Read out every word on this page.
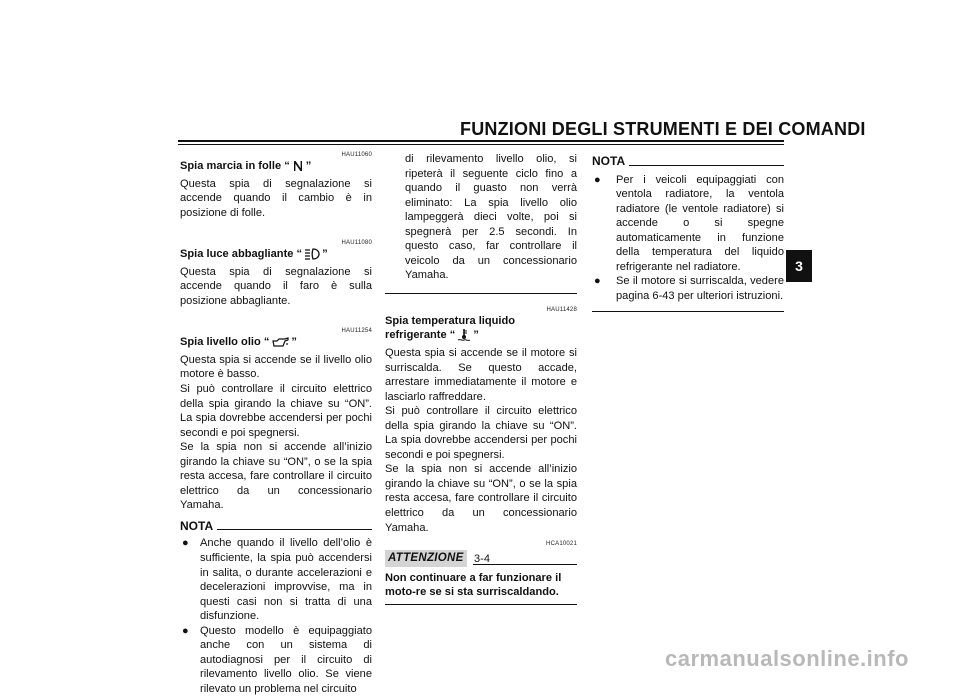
FUNZIONI DEGLI STRUMENTI E DEI COMANDI
3
HAU11060
Spia marcia in folle “ ”

Questa spia di segnalazione si accende quando il cambio è in posizione di folle.

HAU11080
Spia luce abbagliante “ ”

Questa spia di segnalazione si accende quando il faro è sulla posizione abbagliante.

HAU11254
Spia livello olio “ ”

Questa spia si accende se il livello olio motore è basso.

Si può controllare il circuito elettrico della spia girando la chiave su “ON”. La spia dovrebbe accendersi per pochi secondi e poi spegnersi.

Se la spia non si accende all’inizio girando la chiave su “ON”, o se la spia resta accesa, fare controllare il circuito elettrico da un concessionario Yamaha.

NOTA
●	Anche quando il livello dell’olio è sufficiente, la spia può accendersi in salita, o durante accelerazioni e decelerazioni improvvise, ma in questi casi non si tratta di una disfunzione.
●	Questo modello è equipaggiato anche con un sistema di autodiagnosi per il circuito di rilevamento livello olio. Se viene rilevato un problema nel circuito
di rilevamento livello olio, si ripeterà il seguente ciclo fino a quando il guasto non verrà eliminato: La spia livello olio lampeggerà dieci volte, poi si spegnerà per 2.5 secondi. In questo caso, far controllare il veicolo da un concessionario Yamaha.
HAU11428
Spia temperatura liquido
refrigerante “ ”

Questa spia si accende se il motore si surriscalda. Se questo accade, arrestare immediatamente il motore e lasciarlo raffreddare.

Si può controllare il circuito elettrico della spia girando la chiave su “ON”. La spia dovrebbe accendersi per pochi secondi e poi spegnersi.

Se la spia non si accende all’inizio girando la chiave su “ON”, o se la spia resta accesa, fare controllare il circuito elettrico da un concessionario Yamaha.

HCA10021
ATTENZIONE

Non continuare a far funzionare il moto-re se si sta surriscaldando.

NOTA
●	Per i veicoli equipaggiati con ventola radiatore, la ventola radiatore (le ventole radiatore) si accende o si spegne automaticamente in funzione della temperatura del liquido refrigerante nel radiatore.
●	Se il motore si surriscalda, vedere pagina 6-43 per ulteriori istruzioni.
3-4
carmanualsonline.info
